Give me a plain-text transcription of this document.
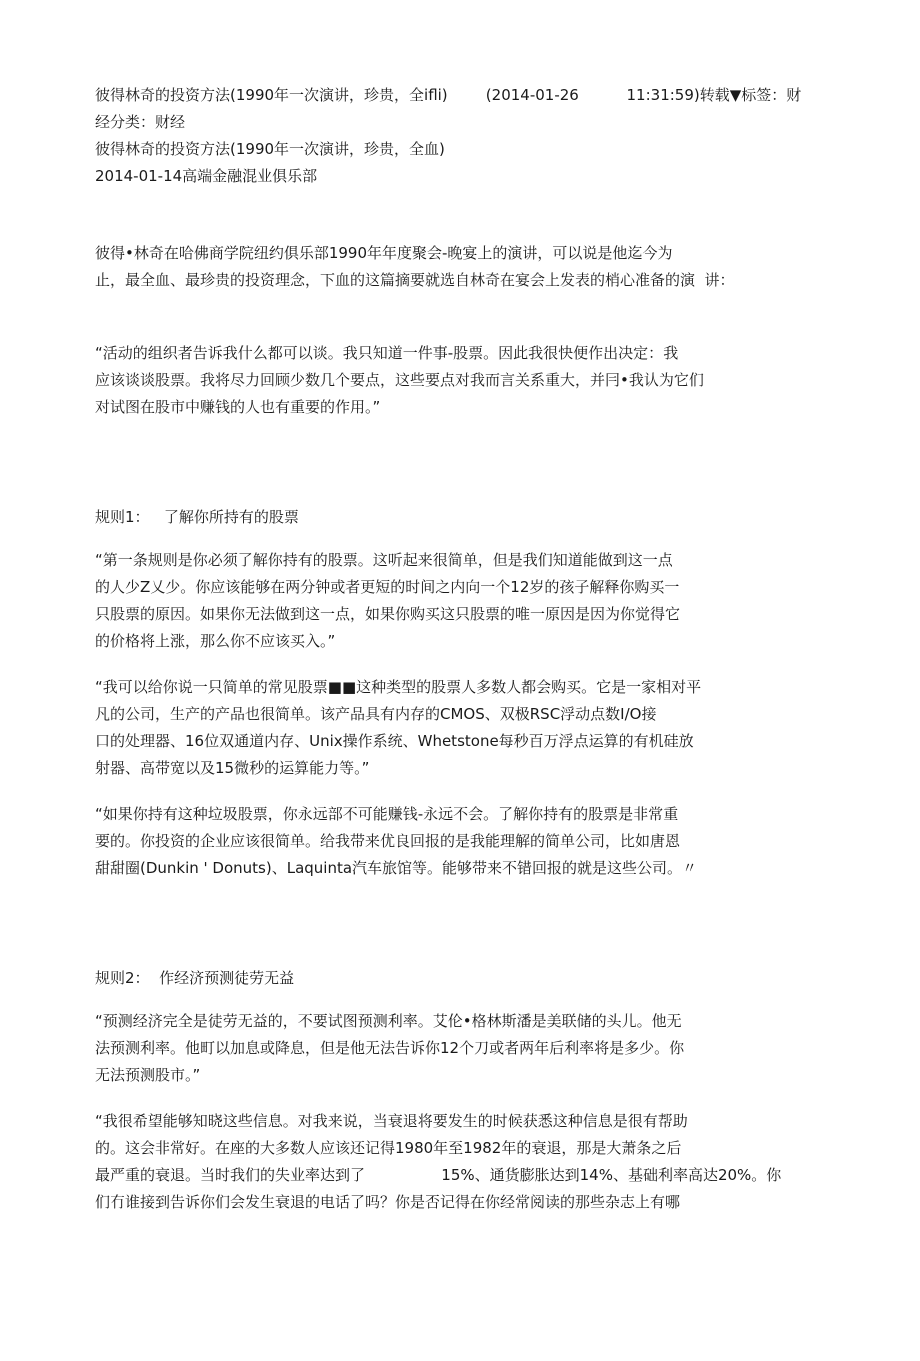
彼得林奇的投资方法(1990年一次演讲，珍贵，全ifli)        (2014-01-26          11:31:59)转载▼标签：财
经分类：财经
彼得林奇的投资方法(1990年一次演讲，珍贵，全血)
2014-01-14高端金融混业俱乐部
彼得•林奇在哈佛商学院纽约俱乐部1990年年度聚会-晚宴上的演讲，可以说是他迄今为
止，最全血、最珍贵的投资理念，下血的这篇摘要就选自林奇在宴会上发表的梢心准备的演  讲：
“活动的组织者告诉我什么都可以谈。我只知道一件事-股票。因此我很快便作出决定：我
应该谈谈股票。我将尽力回顾少数几个要点，这些要点对我而言关系重大，并冃•我认为它们
对试图在股市中赚钱的人也有重要的作用。”
规则1：   了解你所持有的股票
“第一条规则是你必须了解你持有的股票。这听起来很简单，但是我们知道能做到这一点
的人少Z乂少。你应该能够在两分钟或者更短的时间之内向一个12岁的孩子解释你购买一
只股票的原因。如果你无法做到这一点，如果你购买这只股票的唯一原因是因为你觉得它
的价格将上涨，那么你不应该买入。”
“我可以给你说一只简单的常见股票■■这种类型的股票人多数人都会购买。它是一家相对平
凡的公司，生产的产品也很简单。该产品具有内存的CMOS、双极RSC浮动点数I/O接
口的处理器、16位双通道内存、Unix操作系统、Whetstone每秒百万浮点运算的有机硅放
射器、高带宽以及15微秒的运算能力等。”
“如果你持有这种垃圾股票，你永远部不可能赚钱-永远不会。了解你持有的股票是非常重
要的。你投资的企业应该很简单。给我带来优良回报的是我能理解的简单公司，比如唐恩
甜甜圈(Dunkin ' Donuts)、Laquinta汽车旅馆等。能够带来不错回报的就是这些公司。〃
规则2：  作经济预测徒劳无益
“预测经济完全是徒劳无益的，不要试图预测利率。艾伦•格林斯潘是美联储的头儿。他无
法预测利率。他町以加息或降息，但是他无法告诉你12个刀或者两年后利率将是多少。你
无法预测股市。”
“我很希望能够知晓这些信息。对我来说，当衰退将要发生的时候获悉这种信息是很有帮助
的。这会非常好。在座的大多数人应该还记得1980年至1982年的衰退，那是大萧条之后
最严重的衰退。当时我们的失业率达到了                15%、通货膨胀达到14%、基础利率高达20%。你
们冇谁接到告诉你们会发生衰退的电话了吗？你是否记得在你经常阅读的那些杂志上有哪
